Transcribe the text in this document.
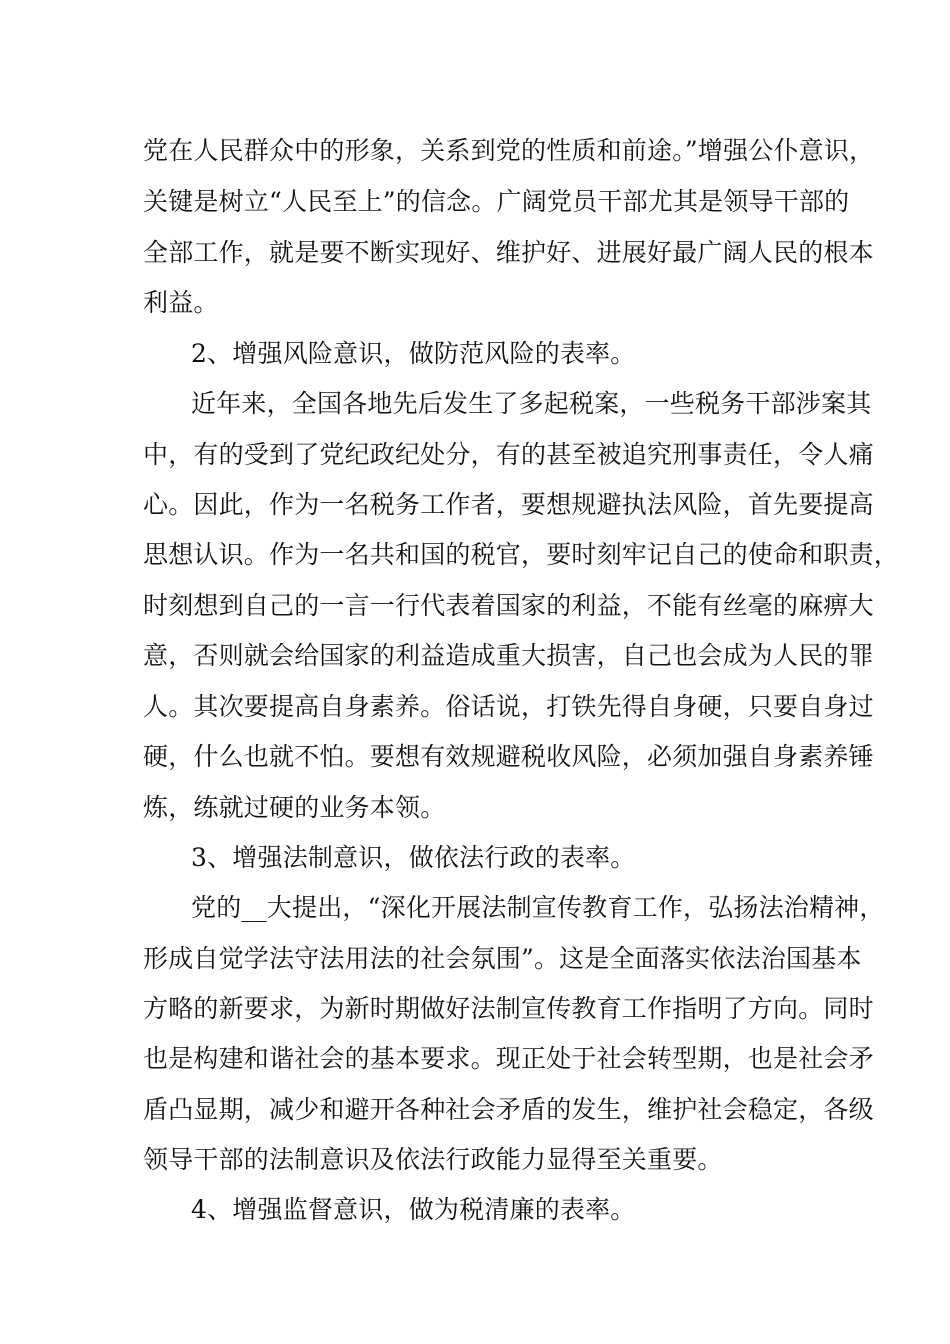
党在人民群众中的形象，关系到党的性质和前途。”增强公仆意识，
关键是树立“人民至上”的信念。广阔党员干部尤其是领导干部的
全部工作，就是要不断实现好、维护好、进展好最广阔人民的根本
利益。
2、增强风险意识，做防范风险的表率。
近年来，全国各地先后发生了多起税案，一些税务干部涉案其
中，有的受到了党纪政纪处分，有的甚至被追究刑事责任，令人痛
心。因此，作为一名税务工作者，要想规避执法风险，首先要提高
思想认识。作为一名共和国的税官，要时刻牢记自己的使命和职责，
时刻想到自己的一言一行代表着国家的利益，不能有丝毫的麻痹大
意，否则就会给国家的利益造成重大损害，自己也会成为人民的罪
人。其次要提高自身素养。俗话说，打铁先得自身硬，只要自身过
硬，什么也就不怕。要想有效规避税收风险，必须加强自身素养锤
炼，练就过硬的业务本领。
3、增强法制意识，做依法行政的表率。
党的__大提出，“深化开展法制宣传教育工作，弘扬法治精神，
形成自觉学法守法用法的社会氛围”。这是全面落实依法治国基本
方略的新要求，为新时期做好法制宣传教育工作指明了方向。同时
也是构建和谐社会的基本要求。现正处于社会转型期，也是社会矛
盾凸显期，减少和避开各种社会矛盾的发生，维护社会稳定，各级
领导干部的法制意识及依法行政能力显得至关重要。
4、增强监督意识，做为税清廉的表率。
